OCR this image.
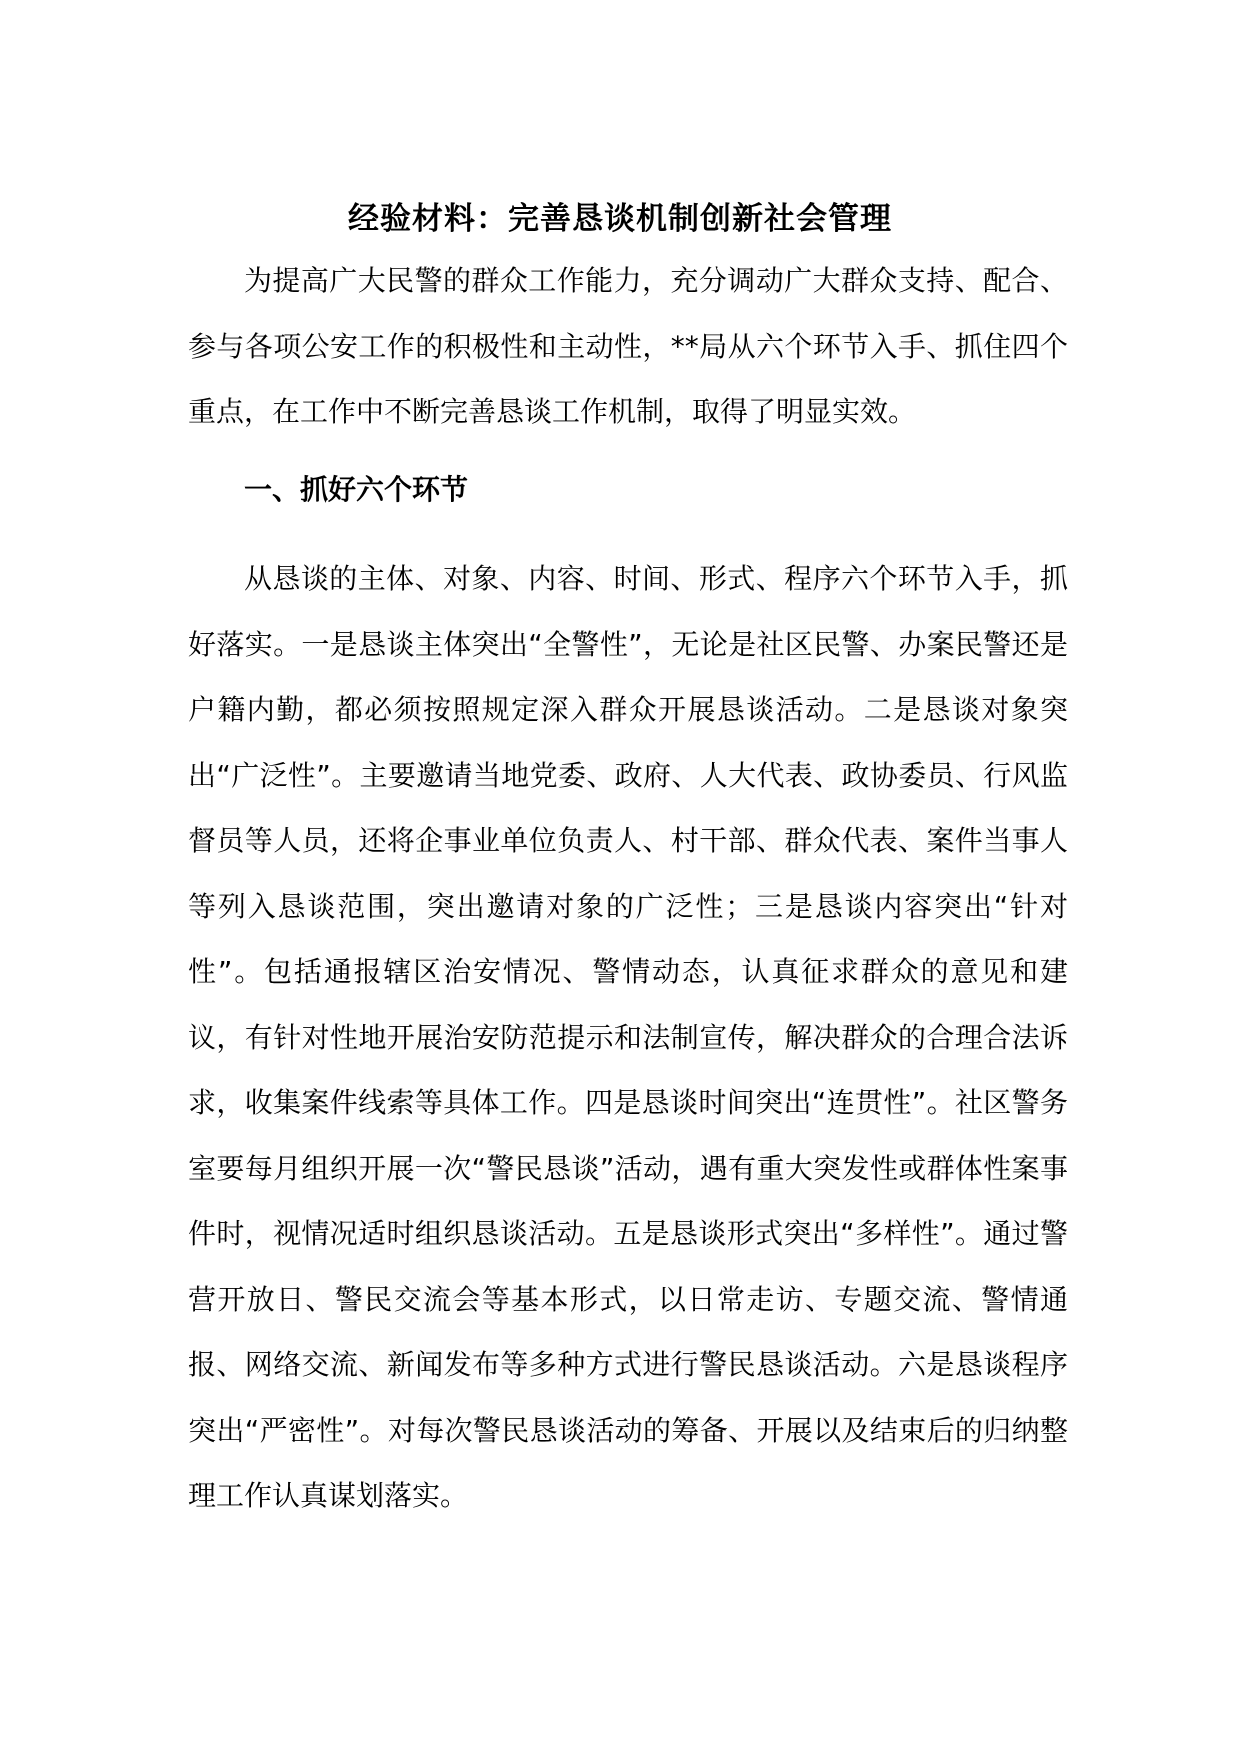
经验材料：完善恳谈机制创新社会管理

为提高广大民警的群众工作能力，充分调动广大群众支持、配合、参与各项公安工作的积极性和主动性，**局从六个环节入手、抓住四个重点，在工作中不断完善恳谈工作机制，取得了明显实效。

一、抓好六个环节

从恳谈的主体、对象、内容、时间、形式、程序六个环节入手，抓好落实。一是恳谈主体突出“全警性”，无论是社区民警、办案民警还是户籍内勤，都必须按照规定深入群众开展恳谈活动。二是恳谈对象突出“广泛性”。主要邀请当地党委、政府、人大代表、政协委员、行风监督员等人员，还将企事业单位负责人、村干部、群众代表、案件当事人等列入恳谈范围，突出邀请对象的广泛性；三是恳谈内容突出“针对性”。包括通报辖区治安情况、警情动态，认真征求群众的意见和建议，有针对性地开展治安防范提示和法制宣传，解决群众的合理合法诉求，收集案件线索等具体工作。四是恳谈时间突出“连贯性”。社区警务室要每月组织开展一次“警民恳谈”活动，遇有重大突发性或群体性案事件时，视情况适时组织恳谈活动。五是恳谈形式突出“多样性”。通过警营开放日、警民交流会等基本形式，以日常走访、专题交流、警情通报、网络交流、新闻发布等多种方式进行警民恳谈活动。六是恳谈程序突出“严密性”。对每次警民恳谈活动的筹备、开展以及结束后的归纳整理工作认真谋划落实。
